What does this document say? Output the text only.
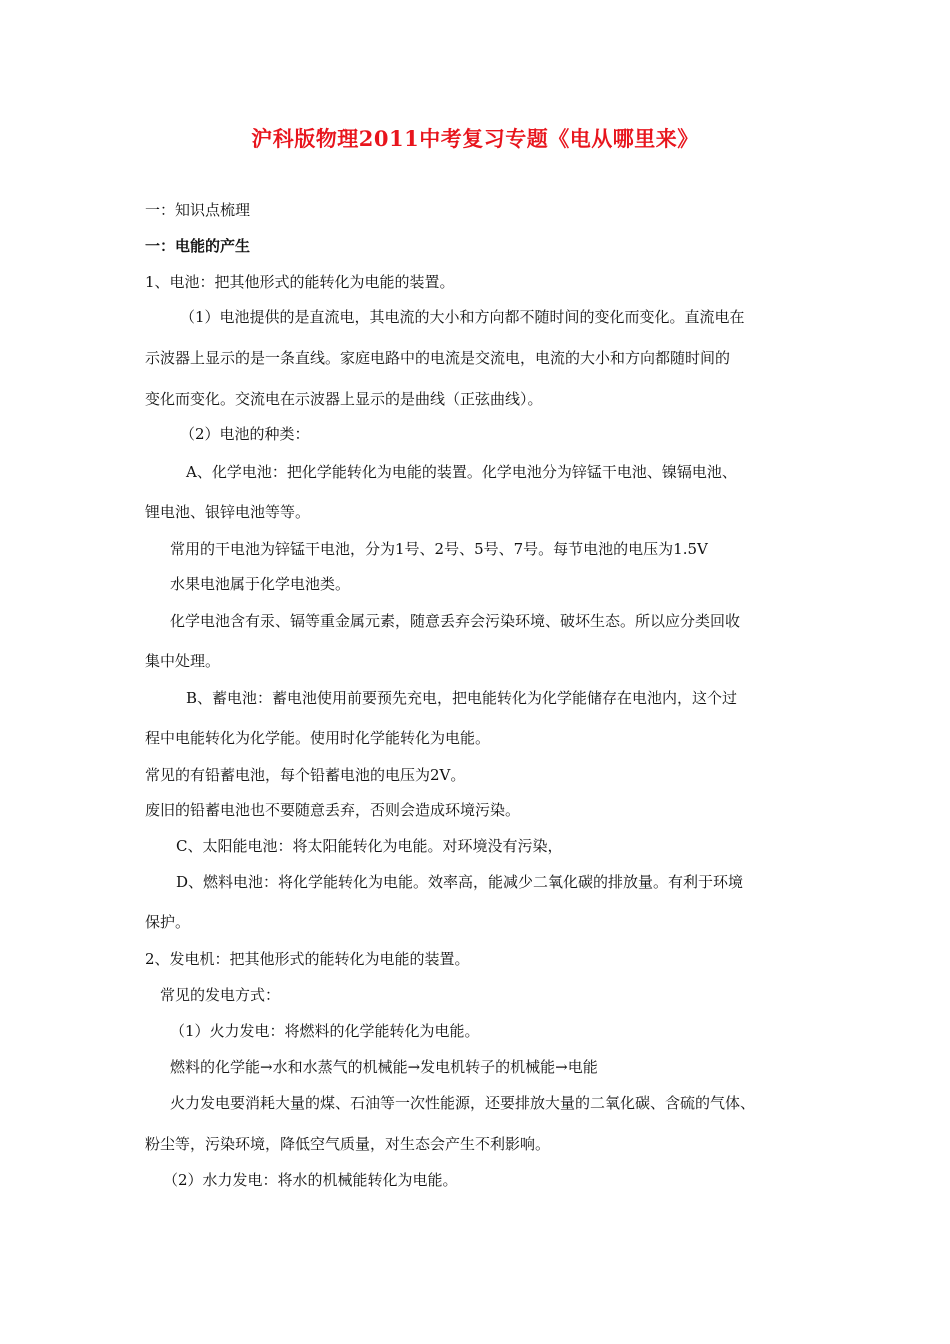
沪科版物理2011中考复习专题《电从哪里来》
一：知识点梳理
一：电能的产生
1、电池：把其他形式的能转化为电能的装置。
（1）电池提供的是直流电，其电流的大小和方向都不随时间的变化而变化。直流电在
示波器上显示的是一条直线。家庭电路中的电流是交流电，电流的大小和方向都随时间的
变化而变化。交流电在示波器上显示的是曲线（正弦曲线）。
（2）电池的种类：
A、化学电池：把化学能转化为电能的装置。化学电池分为锌锰干电池、镍镉电池、
锂电池、银锌电池等等。
常用的干电池为锌锰干电池，分为1号、2号、5号、7号。每节电池的电压为1.5V
水果电池属于化学电池类。
化学电池含有汞、镉等重金属元素，随意丢弃会污染环境、破坏生态。所以应分类回收
集中处理。
B、蓄电池：蓄电池使用前要预先充电，把电能转化为化学能储存在电池内，这个过
程中电能转化为化学能。使用时化学能转化为电能。
常见的有铅蓄电池，每个铅蓄电池的电压为2V。
废旧的铅蓄电池也不要随意丢弃，否则会造成环境污染。
C、太阳能电池：将太阳能转化为电能。对环境没有污染，
D、燃料电池：将化学能转化为电能。效率高，能减少二氧化碳的排放量。有利于环境
保护。
2、发电机：把其他形式的能转化为电能的装置。
常见的发电方式：
（1）火力发电：将燃料的化学能转化为电能。
燃料的化学能→水和水蒸气的机械能→发电机转子的机械能→电能
火力发电要消耗大量的煤、石油等一次性能源，还要排放大量的二氧化碳、含硫的气体、
粉尘等，污染环境，降低空气质量，对生态会产生不利影响。
（2）水力发电：将水的机械能转化为电能。
